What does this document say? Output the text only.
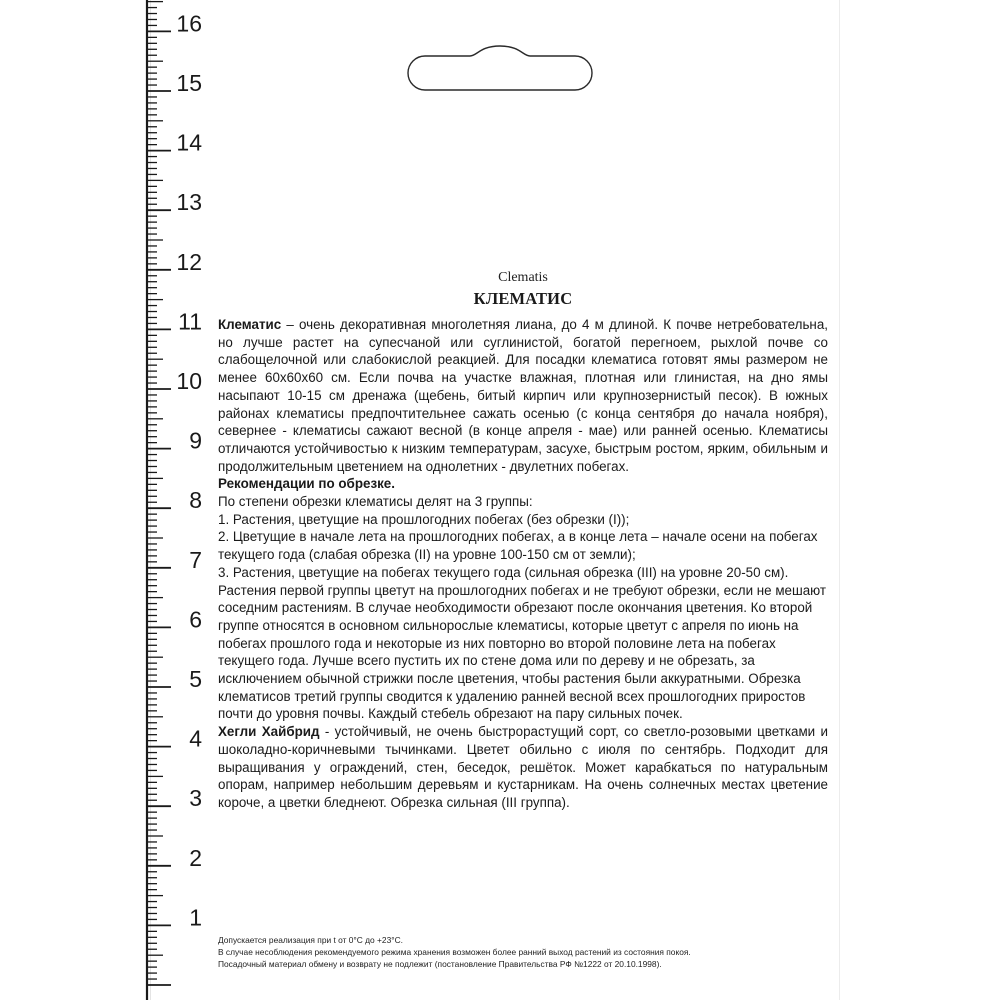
1
2
3
4
5
6
7
8
9
10
11
12
13
14
15
16

Clematis

КЛЕМАТИС

Клематис – очень декоративная многолетняя лиана, до 4 м длиной. К почве нетребовательна, но лучше растет на супесчаной или суглинистой, богатой перегноем, рыхлой почве со слабощелочной или слабокислой реакцией. Для посадки клематиса готовят ямы размером не менее 60х60х60 см. Если почва на участке влажная, плотная или глинистая, на дно ямы насыпают 10-15 см дренажа (щебень, битый кирпич или крупнозернистый песок). В южных районах клематисы предпочтительнее сажать осенью (с конца сентября до начала ноября), севернее - клематисы сажают весной (в конце апреля - мае) или ранней осенью. Клематисы отличаются устойчивостью к низким температурам, засухе, быстрым ростом, ярким, обильным и продолжительным цветением на однолетних - двулетних побегах.

Рекомендации по обрезке.

По степени обрезки клематисы делят на 3 группы:

1. Растения, цветущие на прошлогодних побегах (без обрезки (I));

2. Цветущие в начале лета на прошлогодних побегах, а в конце лета – начале осени на побегах текущего года (слабая обрезка (II) на уровне 100-150 см от земли);

3. Растения, цветущие на побегах текущего года (сильная обрезка (III) на уровне 20-50 см).

Растения первой группы цветут на прошлогодних побегах и не требуют обрезки, если не мешают соседним растениям. В случае необходимости обрезают после окончания цветения. Ко второй группе относятся в основном сильнорослые клематисы, которые цветут с апреля по июнь на побегах прошлого года и некоторые из них повторно во второй половине лета на побегах текущего года. Лучше всего пустить их по стене дома или по дереву и не обрезать, за исключением обычной стрижки после цветения, чтобы растения были аккуратными. Обрезка клематисов третий группы сводится к удалению ранней весной всех прошлогодних приростов почти до уровня почвы. Каждый стебель обрезают на пару сильных почек.

Хегли Хайбрид - устойчивый, не очень быстрорастущий сорт, со светло-розовыми цветками и шоколадно-коричневыми тычинками. Цветет обильно с июля по сентябрь. Подходит для выращивания у ограждений, стен, беседок, решёток. Может карабкаться по натуральным опорам, например небольшим деревьям и кустарникам. На очень солнечных местах цветение короче, а цветки бледнеют. Обрезка сильная (III группа).

Допускается реализация при t от 0°C до +23°C.

В случае несоблюдения рекомендуемого режима хранения возможен более ранний выход растений из состояния покоя.

Посадочный материал обмену и возврату не подлежит (постановление Правительства РФ №1222 от 20.10.1998).
